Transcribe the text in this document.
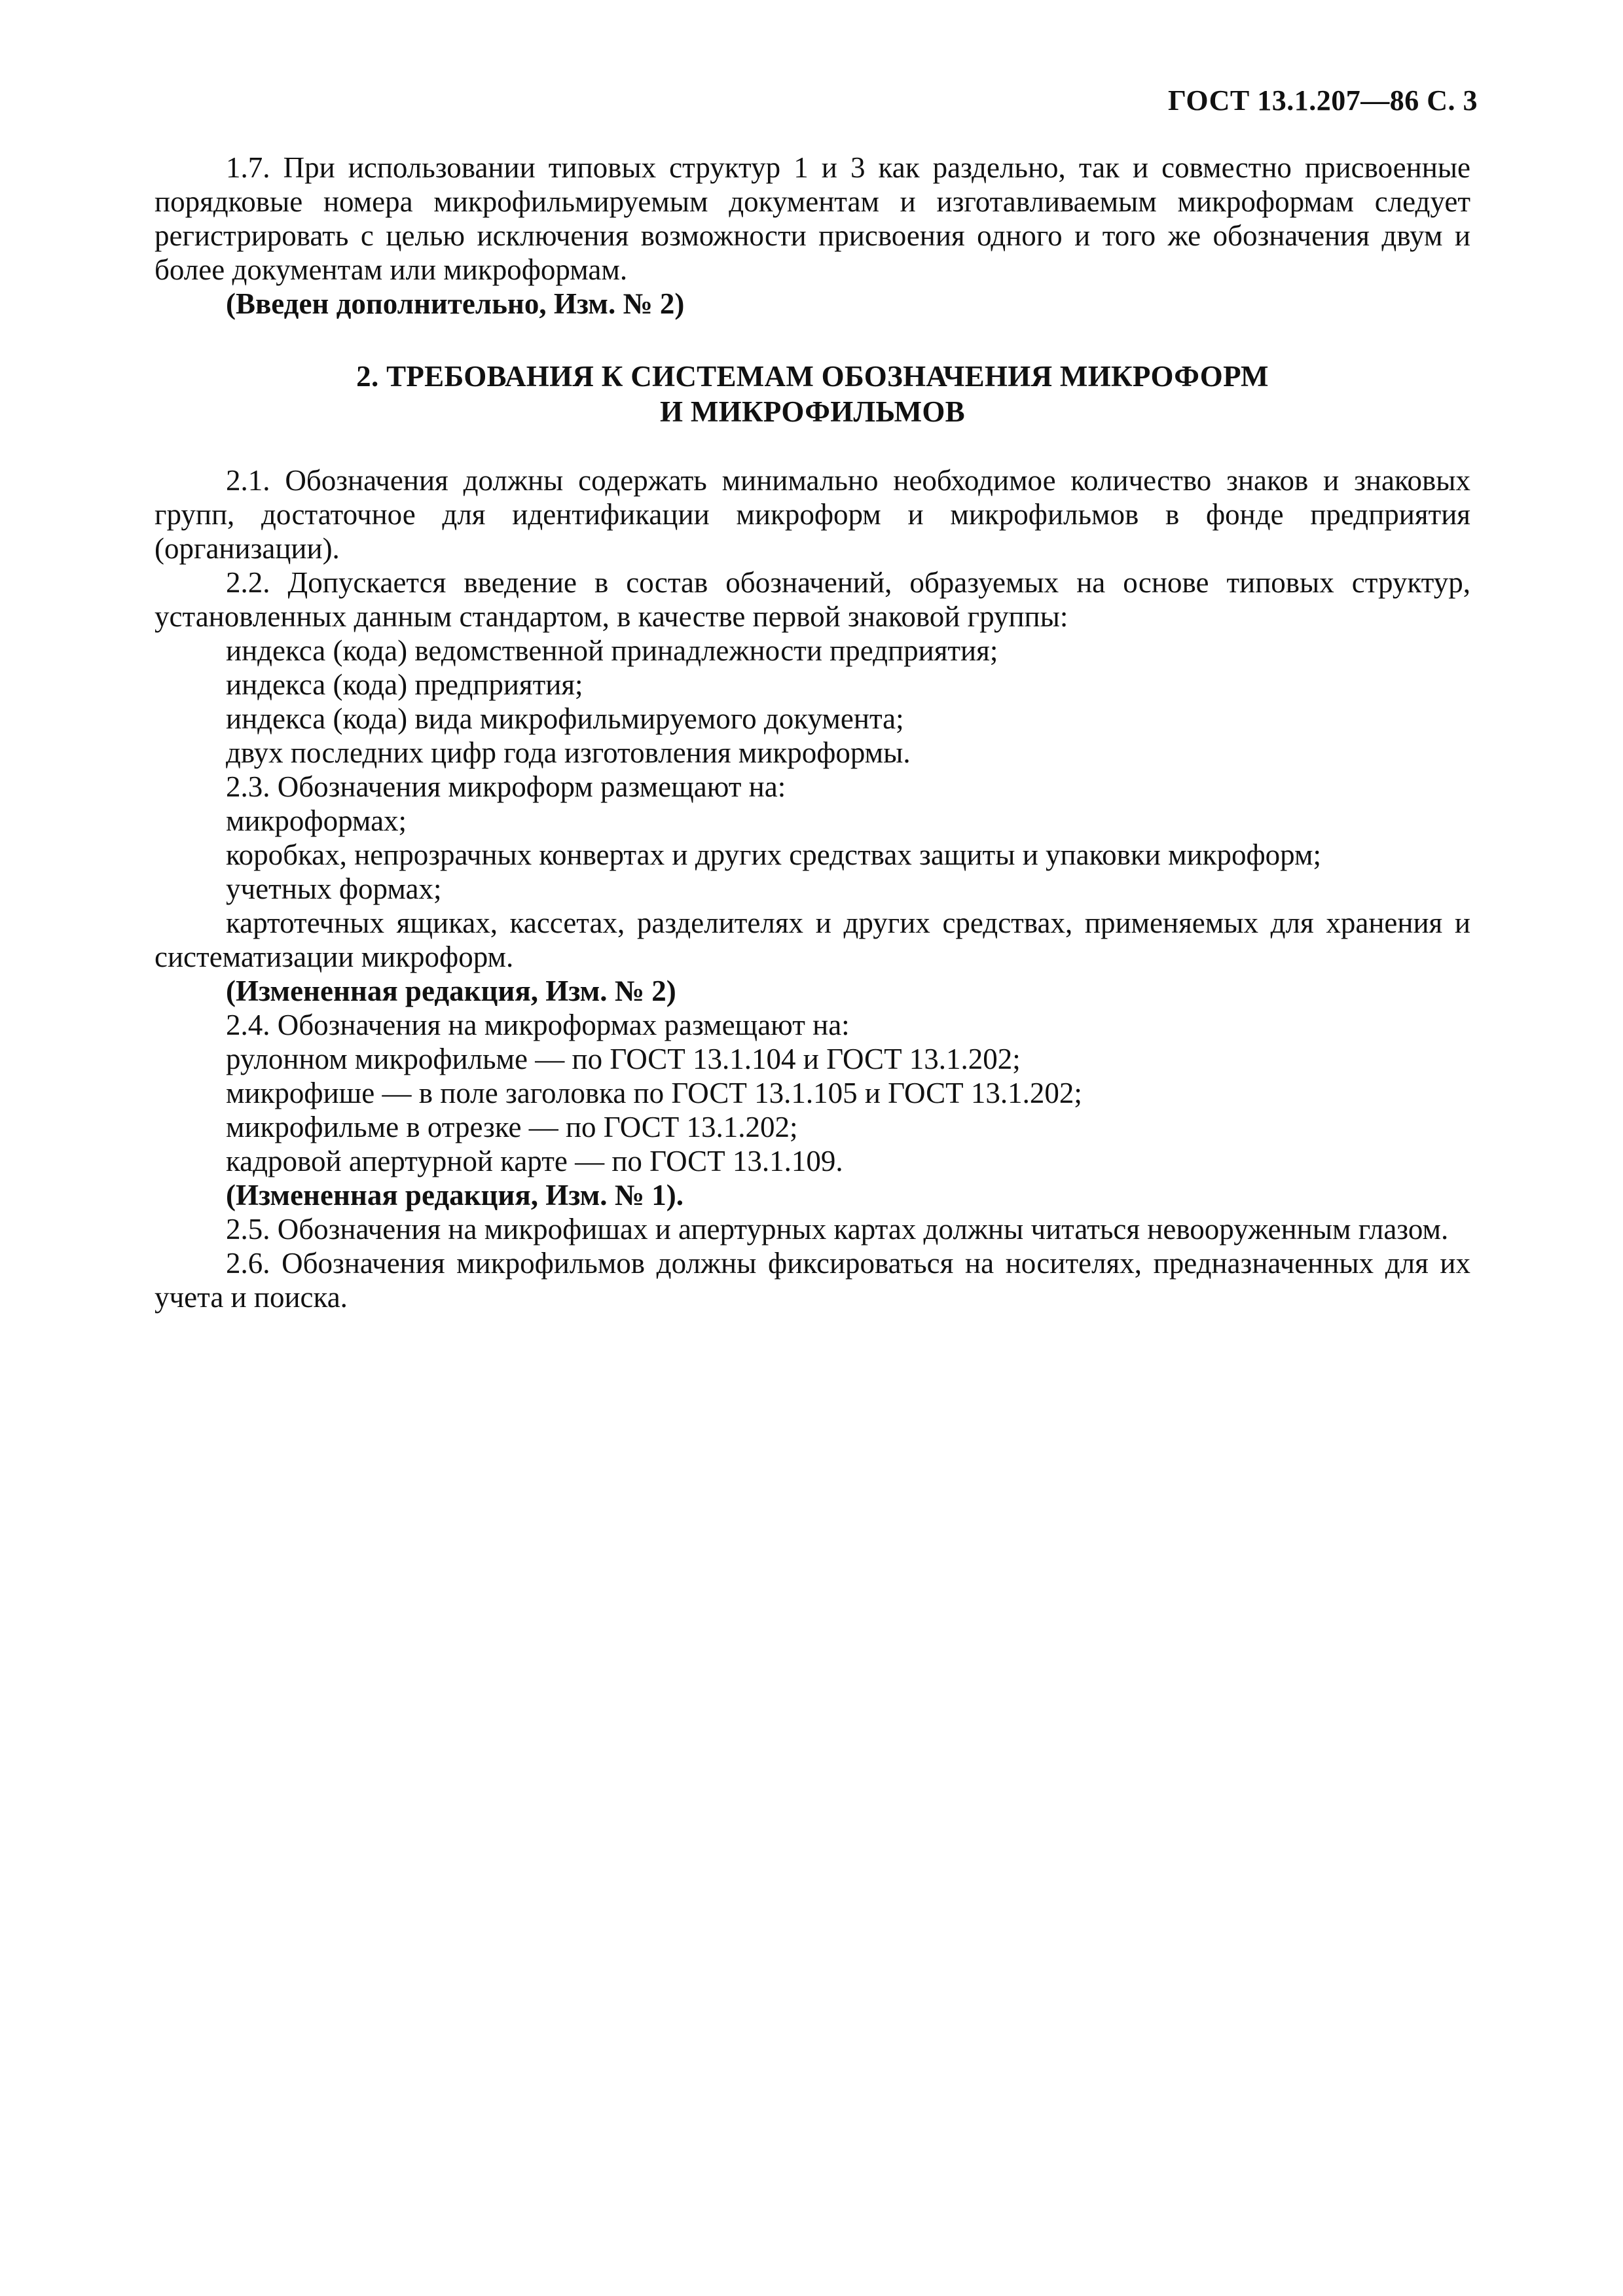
ГОСТ 13.1.207—86 С. 3

1.7. При использовании типовых структур 1 и 3 как раздельно, так и совместно присвоенные порядковые номера микрофильмируемым документам и изготавливаемым микроформам следует регистрировать с целью исключения возможности присвоения одного и того же обозначения двум и более документам или микроформам.

(Введен дополнительно, Изм. № 2)

2. ТРЕБОВАНИЯ К СИСТЕМАМ ОБОЗНАЧЕНИЯ МИКРОФОРМ
И МИКРОФИЛЬМОВ

2.1. Обозначения должны содержать минимально необходимое количество знаков и знаковых групп, достаточное для идентификации микроформ и микрофильмов в фонде предприятия (организации).

2.2. Допускается введение в состав обозначений, образуемых на основе типовых структур, установленных данным стандартом, в качестве первой знаковой группы:

индекса (кода) ведомственной принадлежности предприятия;

индекса (кода) предприятия;

индекса (кода) вида микрофильмируемого документа;

двух последних цифр года изготовления микроформы.

2.3. Обозначения микроформ размещают на:

микроформах;

коробках, непрозрачных конвертах и других средствах защиты и упаковки микроформ;

учетных формах;

картотечных ящиках, кассетах, разделителях и других средствах, применяемых для хранения и систематизации микроформ.

(Измененная редакция, Изм. № 2)

2.4. Обозначения на микроформах размещают на:

рулонном микрофильме — по ГОСТ 13.1.104 и ГОСТ 13.1.202;

микрофише — в поле заголовка по ГОСТ 13.1.105 и ГОСТ 13.1.202;

микрофильме в отрезке — по ГОСТ 13.1.202;

кадровой апертурной карте — по ГОСТ 13.1.109.

(Измененная редакция, Изм. № 1).

2.5. Обозначения на микрофишах и апертурных картах должны читаться невооруженным глазом.

2.6. Обозначения микрофильмов должны фиксироваться на носителях, предназначенных для их учета и поиска.
